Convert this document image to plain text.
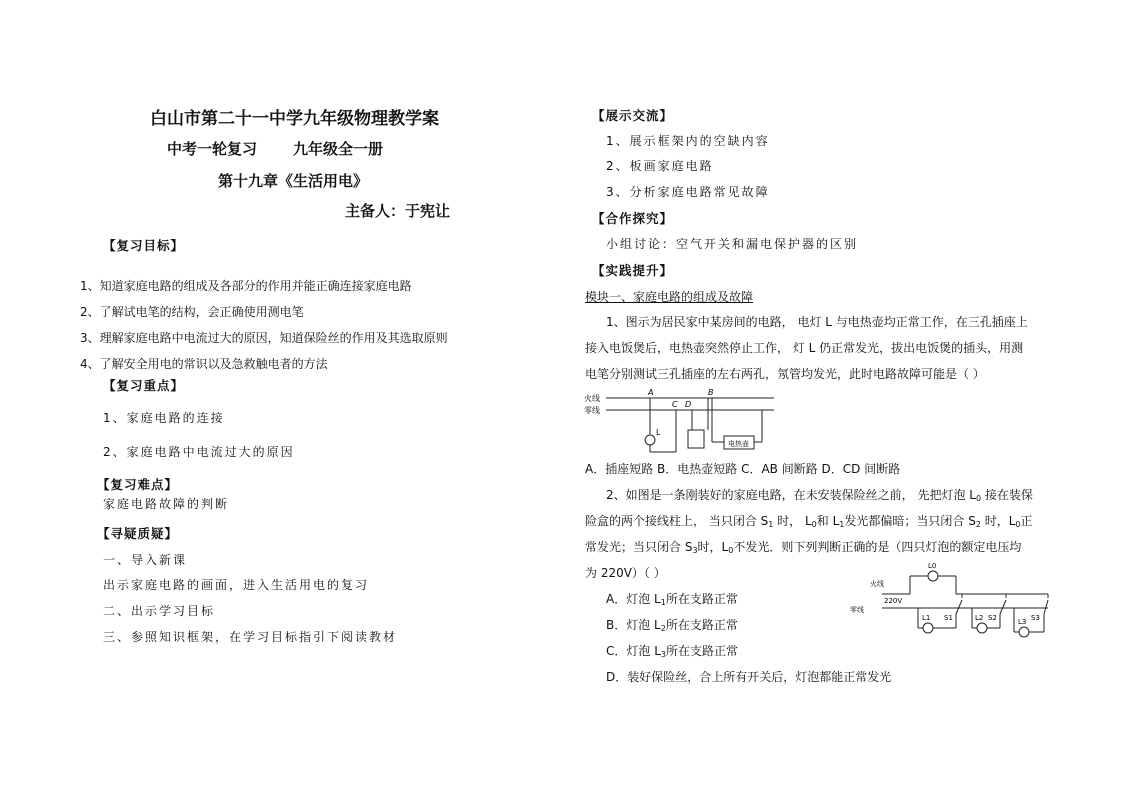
白山市第二十一中学九年级物理教学案
中考一轮复习 九年级全一册
第十九章《生活用电》
主备人：于宪让
【复习目标】
1、知道家庭电路的组成及各部分的作用并能正确连接家庭电路
2、了解试电笔的结构，会正确使用测电笔
3、理解家庭电路中电流过大的原因，知道保险丝的作用及其选取原则
4、了解安全用电的常识以及急救触电者的方法
【复习重点】
1、家庭电路的连接
2、家庭电路中电流过大的原因
【复习难点】
家庭电路故障的判断
【寻疑质疑】
一、导入新课
出示家庭电路的画面，进入生活用电的复习
二、出示学习目标
三、参照知识框架，在学习目标指引下阅读教材
【展示交流】
1、展示框架内的空缺内容
2、板画家庭电路
3、分析家庭电路常见故障
【合作探究】
小组讨论：空气开关和漏电保护器的区别
【实践提升】
模块一、家庭电路的组成及故障
1、图示为居民家中某房间的电路， 电灯 L 与电热壶均正常工作，在三孔插座上
接入电饭煲后，电热壶突然停止工作， 灯 L 仍正常发光，拔出电饭煲的插头，用测
电笔分别测试三孔插座的左右两孔，氖管均发光，此时电路故障可能是（ ）
火线
零线
A	B
C D
L
电热壶
A．插座短路 B．电热壶短路 C．AB 间断路 D．CD 间断路
2、如图是一条刚装好的家庭电路，在未安装保险丝之前， 先把灯泡 $L_0$ 接在装保
险盒的两个接线柱上， 当只闭合 $S_1$ 时， $L_0$和 $L_1$发光都偏暗；当只闭合 $S_2$ 时，$L_0$正
常发光；当只闭合 $S_3$时，$L_0$不发光．则下列判断正确的是（四只灯泡的额定电压均
为 220V）（ ）
A．灯泡 $L_1$所在支路正常
B．灯泡 $L_2$所在支路正常
C．灯泡 $L_3$所在支路正常
D．装好保险丝，合上所有开关后，灯泡都能正常发光
火线
220V
零线
L0
L1	L2	L3
S1	S2	S3
